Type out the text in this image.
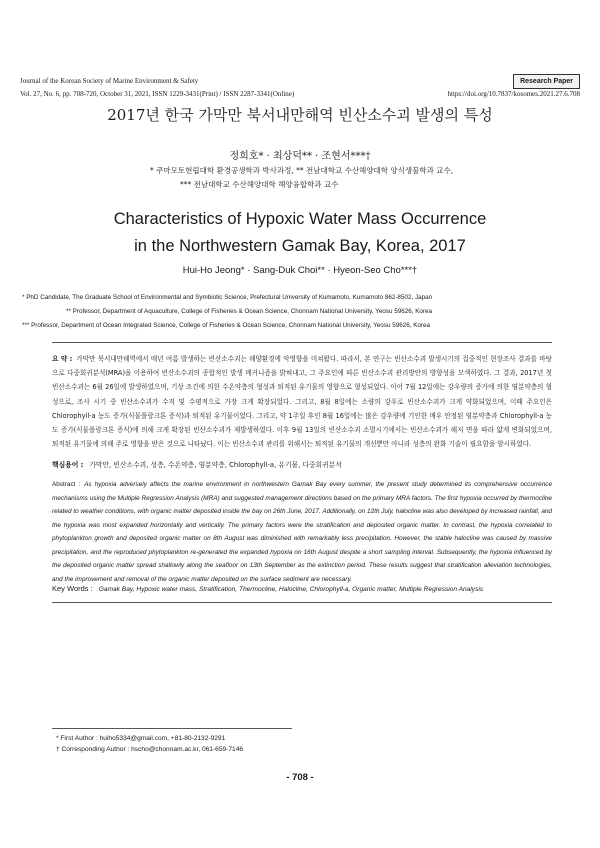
Journal of the Korean Society of Marine Environment & Safety	Research Paper
Vol. 27, No. 6, pp. 708-720, October 31, 2021, ISSN 1229-3431(Print) / ISSN 2287-3341(Online)	https://doi.org/10.7837/kosomes.2021.27.6.708
2017년 한국 가막만 북서내만해역 빈산소수괴 발생의 특성
정희호* · 최상덕** · 조현서***†
* 쿠마모토현립대학 환경공생학과 박사과정, ** 전남대학교 수산해양대학 양식생물학과 교수,
*** 전남대학교 수산해양대학 해양융합학과 교수
Characteristics of Hypoxic Water Mass Occurrence
in the Northwestern Gamak Bay, Korea, 2017
Hui-Ho Jeong* · Sang-Duk Choi** · Hyeon-Seo Cho***†
* PhD Candidate, The Graduate School of Environmental and Symbiotic Science, Prefectural University of Kumamoto, Kumamoto 862-8502, Japan
** Professor, Department of Aquaculture, College of Fisheries & Ocean Science, Chonnam National University, Yeosu 59626, Korea
*** Professor, Department of Ocean Integrated Science, College of Fisheries & Ocean Science, Chonnam National University, Yeosu 59626, Korea
요 약 : 가막만 북서내만해역에서 매년 여름 발생하는 빈산소수괴는 해양환경에 악영향을 미쳐왔다. 따라서, 본 연구는 빈산소수괴 발생시기의 집중적인 현장조사 결과를 바탕으로 다중회귀분석(MRA)을 이용하여 빈산소수괴의 종합적인 발생 메커니즘을 밝혀내고, 그 주요인에 따른 빈산소수괴 관리방안의 방향성을 모색하였다. 그 결과, 2017년 첫 빈산소수괴는 6월 26일에 발생하였으며, 기상 조건에 의한 수온약층의 형성과 퇴적된 유기물의 영향으로 형성되었다. 이어 7월 12일에는 강우량의 증가에 의한 염분약층의 형성으로, 조사 시기 중 빈산소수괴가 수직 및 수평적으로 가장 크게 확장되었다. 그리고, 8월 8일에는 소량의 강우로 빈산소수괴가 크게 약화되었으며, 이때 주요인은 Chlorophyll-a 농도 증가(식물플랑크톤 증식)과 퇴적된 유기물이었다. 그리고, 약 1주일 후인 8월 16일에는 많은 강우량에 기인한 매우 안정된 염분약층과 Chlorophyll-a 농도 증가(식물플랑크톤 증식)에 의해 크게 확장된 빈산소수괴가 재발생하였다. 이후 9월 13일의 빈산소수괴 소멸시기에서는 빈산소수괴가 해저 면을 따라 얇게 변화되었으며, 퇴적된 유기물에 의해 주로 영향을 받은 것으로 나타났다. 이는 빈산소수괴 관리를 위해서는 퇴적된 유기물의 개선뿐만 아니라 성층의 완화 기술이 필요함을 암시하였다.
핵심용어 : 가막만, 빈산소수괴, 성층, 수온약층, 염분약층, Chlorophyll-a, 유기물, 다중회귀분석
Abstract : As hypoxia adversely affects the marine environment in northwestern Gamak Bay every summer, the present study determined its comprehensive occurrence mechanisms using the Multiple Regression Analysis (MRA) and suggested management directions based on the primary MRA factors. The first hypoxia occurred by thermocline related to weather conditions, with organic matter deposited inside the bay on 26th June, 2017. Additionally, on 12th July, halocline was also developed by increased rainfall, and the hypoxia was most expanded horizontally and vertically. The primary factors were the stratification and deposited organic matter. In contrast, the hypoxia correlated to phytoplankton growth and deposited organic matter on 8th August was diminished with remarkably less precipitation. However, the stable halocline was caused by massive precipitation, and the reproduced phytoplankton re-generated the expanded hypoxia on 16th August despite a short sampling interval. Subsequently, the hypoxia influenced by the deposited organic matter spread shallowly along the seafloor on 13th September as the extinction period. These results suggest that stratification alleviation technologies, and the improvement and removal of the organic matter deposited on the surface sediment are necessary.
Key Words : Gamak Bay, Hypoxic water mass, Stratification, Thermocline, Halocline, Chlorophyll-a, Organic matter, Multiple Regression Analysis
* First Author : huiho5334@gmail.com, +81-80-2132-9291
† Corresponding Author : hscho@chonnam.ac.kr, 061-659-7146
- 708 -
